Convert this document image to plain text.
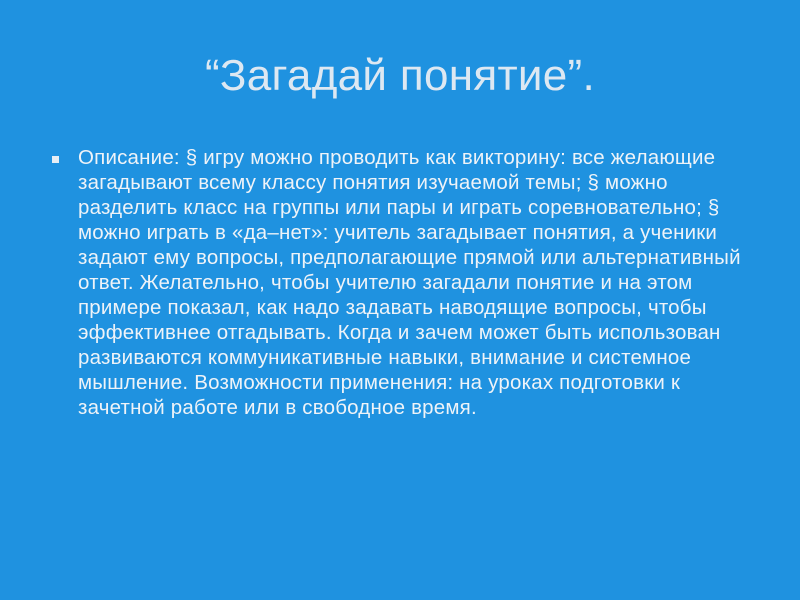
“Загадай понятие”.

Описание: § игру можно проводить как викторину: все желающие загадывают всему классу понятия изучаемой темы; § можно разделить класс на группы или пары и играть соревновательно; § можно играть в «да–нет»: учитель загадывает понятия, а ученики задают ему вопросы, предполагающие прямой или альтернативный ответ. Желательно, чтобы учителю загадали понятие и на этом примере показал, как надо задавать наводящие вопросы, чтобы эффективнее отгадывать. Когда и зачем может быть использован развиваются коммуникативные навыки, внимание и системное мышление. Возможности применения: на уроках подготовки к зачетной работе или в свободное время.
